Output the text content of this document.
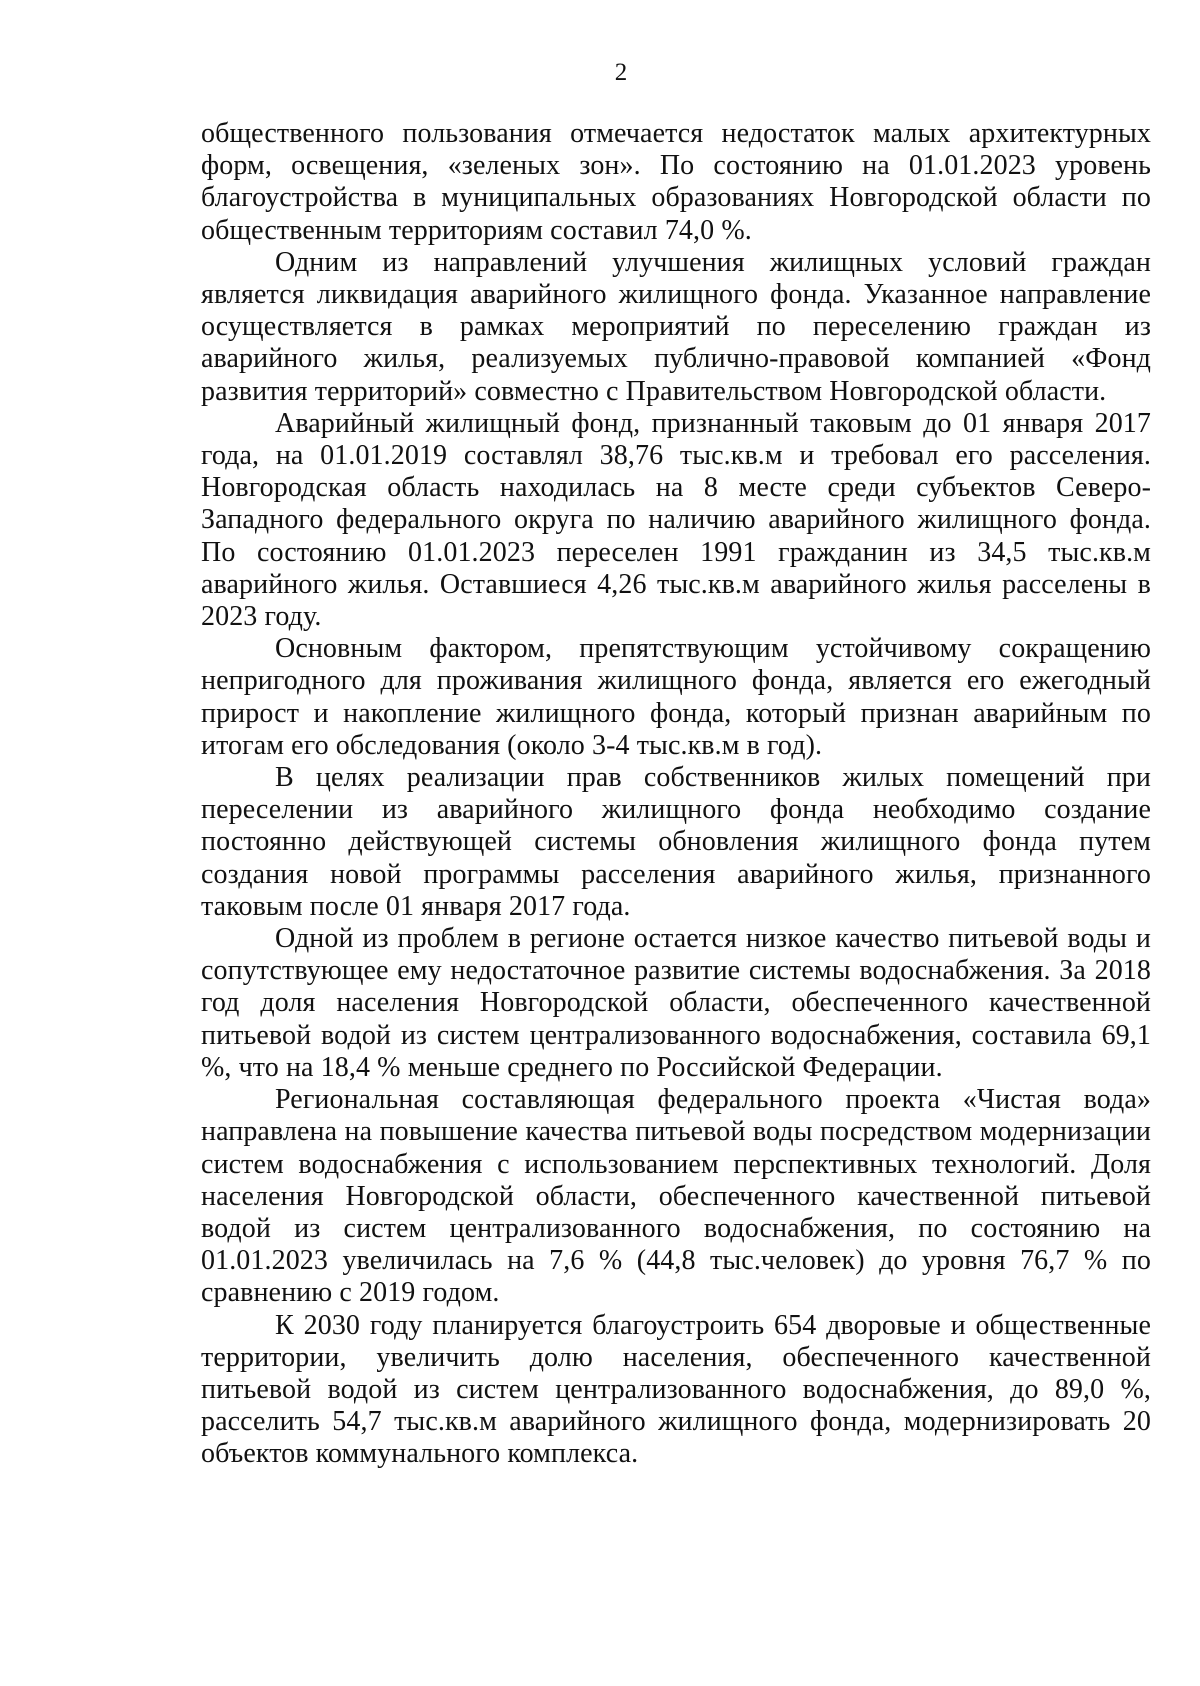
2

общественного пользования отмечается недостаток малых архитектурных форм, освещения, «зеленых зон». По состоянию на 01.01.2023 уровень благоустройства в муниципальных образованиях Новгородской области по общественным территориям составил 74,0 %.

Одним из направлений улучшения жилищных условий граждан является ликвидация аварийного жилищного фонда. Указанное направление осуществляется в рамках мероприятий по переселению граждан из аварийного жилья, реализуемых публично-правовой компанией «Фонд развития территорий» совместно с Правительством Новгородской области.

Аварийный жилищный фонд, признанный таковым до 01 января 2017 года, на 01.01.2019 составлял 38,76 тыс.кв.м и требовал его расселения. Новгородская область находилась на 8 месте среди субъектов Северо-Западного федерального округа по наличию аварийного жилищного фонда. По состоянию 01.01.2023 переселен 1991 гражданин из 34,5 тыс.кв.м аварийного жилья. Оставшиеся 4,26 тыс.кв.м аварийного жилья расселены в 2023 году.

Основным фактором, препятствующим устойчивому сокращению непригодного для проживания жилищного фонда, является его ежегодный прирост и накопление жилищного фонда, который признан аварийным по итогам его обследования (около 3-4 тыс.кв.м в год).

В целях реализации прав собственников жилых помещений при переселении из аварийного жилищного фонда необходимо создание постоянно действующей системы обновления жилищного фонда путем создания новой программы расселения аварийного жилья, признанного таковым после 01 января 2017 года.

Одной из проблем в регионе остается низкое качество питьевой воды и сопутствующее ему недостаточное развитие системы водоснабжения. За 2018 год доля населения Новгородской области, обеспеченного качественной питьевой водой из систем централизованного водоснабжения, составила 69,1 %, что на 18,4 % меньше среднего по Российской Федерации.

Региональная составляющая федерального проекта «Чистая вода» направлена на повышение качества питьевой воды посредством модернизации систем водоснабжения с использованием перспективных технологий. Доля населения Новгородской области, обеспеченного качественной питьевой водой из систем централизованного водоснабжения, по состоянию на 01.01.2023 увеличилась на 7,6 % (44,8 тыс.человек) до уровня 76,7 % по сравнению с 2019 годом.

К 2030 году планируется благоустроить 654 дворовые и общественные территории, увеличить долю населения, обеспеченного качественной питьевой водой из систем централизованного водоснабжения, до 89,0 %, расселить 54,7 тыс.кв.м аварийного жилищного фонда, модернизировать 20 объектов коммунального комплекса.
